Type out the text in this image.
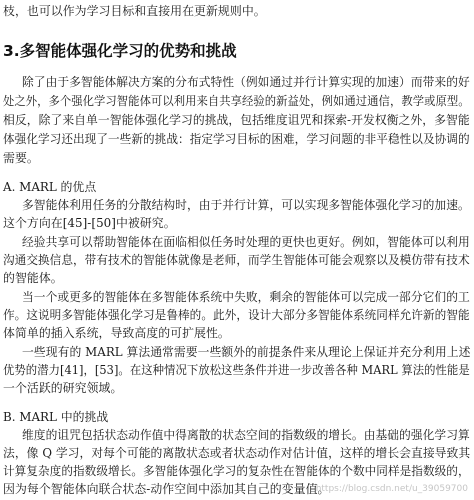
枝，也可以作为学习目标和直接用在更新规则中。
3.多智能体强化学习的优势和挑战
除了由于多智能体解决方案的分布式特性（例如通过并行计算实现的加速）而带来的好
处之外，多个强化学习智能体可以利用来自共享经验的新益处，例如通过通信，教学或原型。
相反，除了来自单一智能体强化学习的挑战，包括维度诅咒和探索-开发权衡之外，多智能
体强化学习还出现了一些新的挑战：指定学习目标的困难，学习问题的非平稳性以及协调的
需要。
A. MARL 的优点
多智能体利用任务的分散结构时，由于并行计算，可以实现多智能体强化学习的加速。
这个方向在[45]-[50]中被研究。
经验共享可以帮助智能体在面临相似任务时处理的更快也更好。例如，智能体可以利用
沟通交换信息，带有技术的智能体就像是老师，而学生智能体可能会观察以及模仿带有技术
的智能体。
当一个或更多的智能体在多智能体系统中失败，剩余的智能体可以完成一部分它们的工
作。这说明多智能体强化学习是鲁棒的。此外，设计大部分多智能体系统同样允许新的智能
体简单的插入系统，导致高度的可扩展性。
一些现有的 MARL 算法通常需要一些额外的前提条件来从理论上保证并充分利用上述
优势的潜力[41]，[53]。在这种情况下放松这些条件并进一步改善各种 MARL 算法的性能是
一个活跃的研究领域。
B. MARL 中的挑战
维度的诅咒包括状态动作值中得离散的状态空间的指数级的增长。由基础的强化学习算
法，像 Q 学习，对每个可能的离散状态或者状态动作对估计值，这样的增长会直接导致其
计算复杂度的指数级增长。多智能体强化学习的复杂性在智能体的个数中同样是指数级的，
因为每个智能体向联合状态-动作空间中添加其自己的变量值。
https://blog.csdn.net/u_39059700
